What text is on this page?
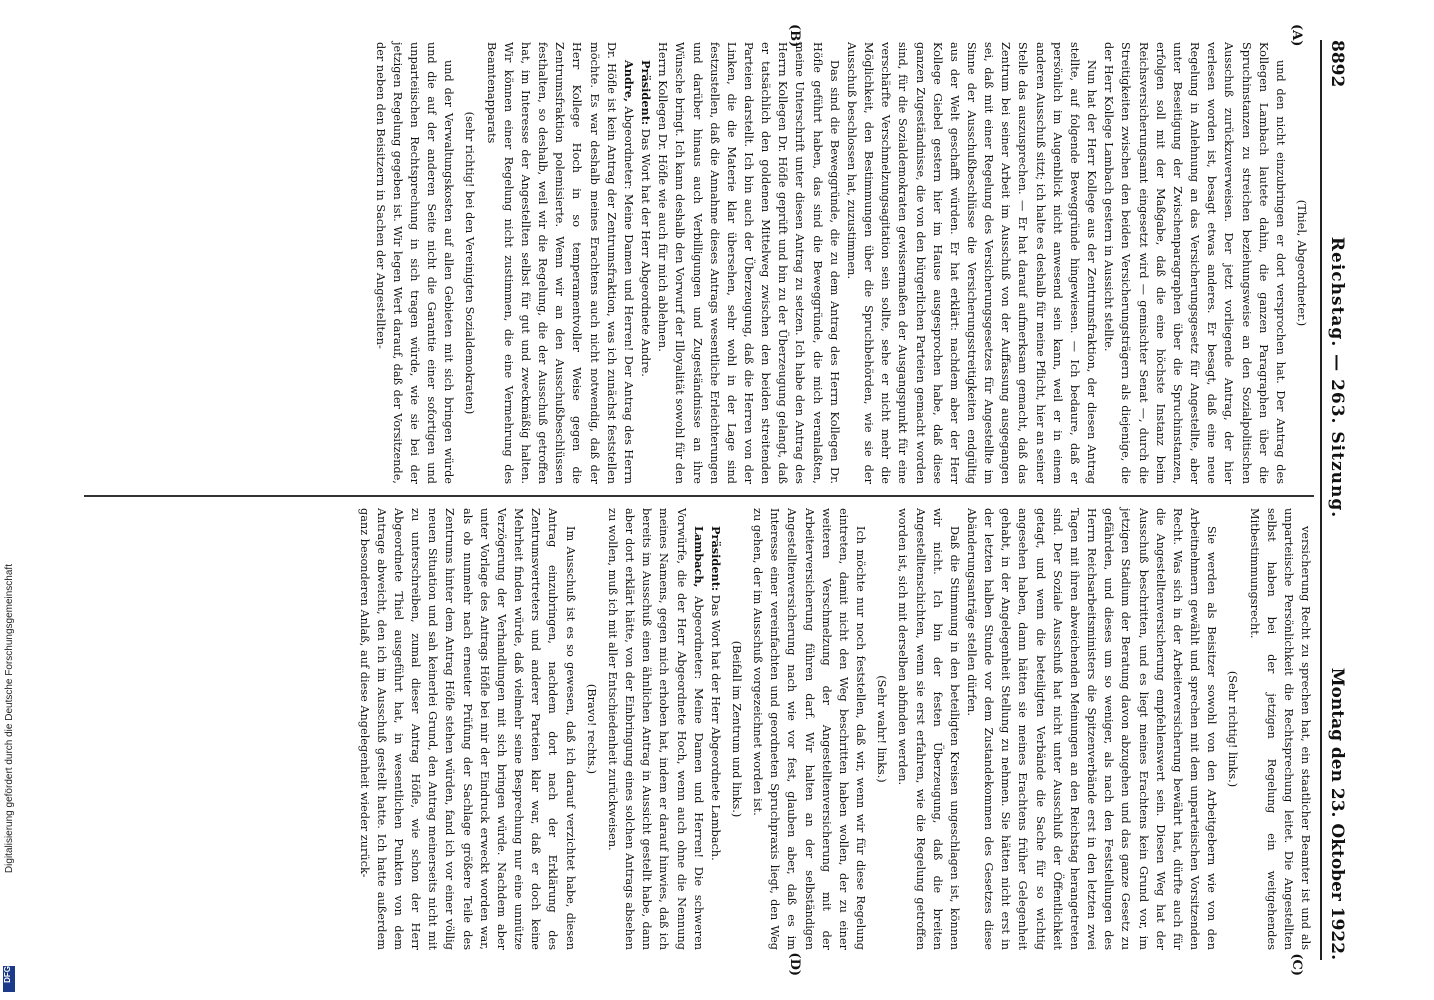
8892
Reichstag. — 263. Sitzung.
Montag den 23. Oktober 1922.
(A)
(B)
(C)
(D)

(Thiel, Abgeordneter.)

und den nicht einzubringen er dort versprochen hat. Der Antrag des Kollegen Lambach lautete dahin, die ganzen Paragraphen über die Spruchinstanzen zu streichen beziehungsweise an den Sozialpolitischen Ausschuß zurückzuverweisen. Der jetzt vorliegende Antrag, der hier verlesen worden ist, besagt etwas anderes. Er besagt, daß eine neue Regelung in Anlehnung an das Versicherungsgesetz für Angestellte, aber unter Beseitigung der Zwischenparagraphen über die Spruchinstanzen, erfolgen soll mit der Maßgabe, daß die eine höchste Instanz beim Reichsversicherungsamt eingesetzt wird — gemischter Senat —, durch die Streitigkeiten zwischen den beiden Versicherungsträgern als diejenige, die der Herr Kollege Lambach gestern in Aussicht stellte.

Nun hat der Herr Kollege aus der Zentrumsfraktion, der diesen Antrag stellte, auf folgende Beweggründe hingewiesen. — Ich bedaure, daß er persönlich im Augenblick nicht anwesend sein kann, weil er in einem anderen Ausschuß sitzt; ich halte es deshalb für meine Pflicht, hier an seiner Stelle das auszusprechen. — Er hat darauf aufmerksam gemacht, daß das Zentrum bei seiner Arbeit im Ausschuß von der Auffassung ausgegangen sei, daß mit einer Regelung des Versicherungsgesetzes für Angestellte im Sinne der Ausschußbeschlüsse die Versicherungsstreitigkeiten endgültig aus der Welt geschafft würden. Er hat erklärt: nachdem aber der Herr Kollege Giebel gestern hier im Hause ausgesprochen habe, daß diese ganzen Zugeständnisse, die von den bürgerlichen Parteien gemacht worden sind, für die Sozialdemokraten gewissermaßen der Ausgangspunkt für eine verschärfte Verschmelzungsagitation sein sollte, sehe er nicht mehr die Möglichkeit, den Bestimmungen über die Spruchbehörden, wie sie der Ausschuß beschlossen hat, zuzustimmen.

Das sind die Beweggründe, die zu dem Antrag des Herrn Kollegen Dr. Höfle geführt haben, das sind die Beweggründe, die mich veranlaßten, meine Unterschrift unter diesen Antrag zu setzen. Ich habe den Antrag des Herrn Kollegen Dr. Höfle geprüft und bin zu der Überzeugung gelangt, daß er tatsächlich den goldenen Mittelweg zwischen den beiden streitenden Parteien darstellt. Ich bin auch der Überzeugung, daß die Herren von der Linken, die die Materie klar übersehen, sehr wohl in der Lage sind festzustellen, daß die Annahme dieses Antrags wesentliche Erleichterungen und darüber hinaus auch Verbilligungen und Zugeständnisse an ihre Wünsche bringt. Ich kann deshalb den Vorwurf der Illoyalität sowohl für den Herrn Kollegen Dr. Höfle wie auch für mich ablehnen.

Präsident: Das Wort hat der Herr Abgeordnete Andre.

Andre, Abgeordneter: Meine Damen und Herren! Der Antrag des Herrn Dr. Höfle ist kein Antrag der Zentrumsfraktion, was ich zunächst feststellen möchte. Es war deshalb meines Erachtens auch nicht notwendig, daß der Herr Kollege Hoch in so temperamentvoller Weise gegen die Zentrumsfraktion polemisierte. Wenn wir an den Ausschußbeschlüssen festhalten, so deshalb, weil wir die Regelung, die der Ausschuß getroffen hat, im Interesse der Angestellten selbst für gut und zweckmäßig halten. Wir können einer Regelung nicht zustimmen, die eine Vermehrung des Beamtenapparats

(sehr richtig! bei den Vereinigten Sozialdemokraten)

und der Verwaltungskosten auf allen Gebieten mit sich bringen würde und die auf der anderen Seite nicht die Garantie einer sofortigen und unparteiischen Rechtsprechung in sich tragen würde, wie sie bei der jetzigen Regelung gegeben ist. Wir legen Wert darauf, daß der Vorsitzende, der neben den Beisitzern in Sachen der Angestellten-

versicherung Recht zu sprechen hat, ein staatlicher Beamter ist und als unparteiische Persönlichkeit die Rechtsprechung leitet. Die Angestellten selbst haben bei der jetzigen Regelung ein weitgehendes Mitbestimmungsrecht.

(Sehr richtig! links.)

Sie werden als Beisitzer sowohl von den Arbeitgebern wie von den Arbeitnehmern gewählt und sprechen mit dem unparteiischen Vorsitzenden Recht. Was sich in der Arbeiterversicherung bewährt hat, dürfte auch für die Angestelltenversicherung empfehlenswert sein. Diesen Weg hat der Ausschuß beschritten, und es liegt meines Erachtens kein Grund vor, im jetzigen Stadium der Beratung davon abzugehen und das ganze Gesetz zu gefährden, und dieses um so weniger, als nach den Feststellungen des Herrn Reichsarbeitsministers die Spitzenverbände erst in den letzten zwei Tagen mit ihren abweichenden Meinungen an den Reichstag herangetreten sind. Der Soziale Ausschuß hat nicht unter Ausschluß der Öffentlichkeit getagt, und wenn die beteiligten Verbände die Sache für so wichtig angesehen haben, dann hätten sie meines Erachtens früher Gelegenheit gehabt, in der Angelegenheit Stellung zu nehmen. Sie hätten nicht erst in der letzten halben Stunde vor dem Zustandekommen des Gesetzes diese Abänderungsanträge stellen dürfen.

Daß die Stimmung in den beteiligten Kreisen ungeschlagen ist, können wir nicht. Ich bin der festen Überzeugung, daß die breiten Angestelltenschichten, wenn sie erst erfahren, wie die Regelung getroffen worden ist, sich mit derselben abfinden werden.

(Sehr wahr! links.)

Ich möchte nur noch feststellen, daß wir, wenn wir für diese Regelung eintreten, damit nicht den Weg beschritten haben wollen, der zu einer weiteren Verschmelzung der Angestelltenversicherung mit der Arbeiterversicherung führen darf. Wir halten an der selbständigen Angestelltenversicherung nach wie vor fest, glauben aber, daß es im Interesse einer vereinfachten und geordneten Spruchpraxis liegt, den Weg zu gehen, der im Ausschuß vorgezeichnet worden ist.

(Beifall im Zentrum und links.)

Präsident: Das Wort hat der Herr Abgeordnete Lambach.

Lambach, Abgeordneter: Meine Damen und Herren! Die schweren Vorwürfe, die der Herr Abgeordnete Hoch, wenn auch ohne die Nennung meines Namens, gegen mich erhoben hat, indem er darauf hinwies, daß ich bereits im Ausschuß einen ähnlichen Antrag in Aussicht gestellt habe, dann aber dort erklärt hätte, von der Einbringung eines solchen Antrags absehen zu wollen, muß ich mit aller Entschiedenheit zurückweisen.

(Bravo! rechts.)

Im Ausschuß ist es so gewesen, daß ich darauf verzichtet habe, diesen Antrag einzubringen, nachdem dort nach der Erklärung des Zentrumsvertreters und anderer Parteien klar war, daß er doch keine Mehrheit finden würde, daß vielmehr seine Besprechung nur eine unnütze Verzögerung der Verhandlungen mit sich bringen würde. Nachdem aber unter Vorlage des Antrags Höfle bei mir der Eindruck erweckt worden war, als ob nunmehr nach erneuter Prüfung der Sachlage größere Teile des Zentrums hinter dem Antrag Höfle stehen würden, fand ich vor einer völlig neuen Situation und sah keinerlei Grund, den Antrag meinerseits nicht mit zu unterschreiben, zumal dieser Antrag Höfle, wie schon der Herr Abgeordnete Thiel ausgeführt hat, in wesentlichen Punkten von dem Antrage abweicht, den ich im Ausschuß gestellt hatte. Ich hatte außerdem ganz besonderen Anlaß, auf diese Angelegenheit wieder zurück-

Digitalisierung gefördert durch die Deutsche Forschungsgemeinschaft
DFG
